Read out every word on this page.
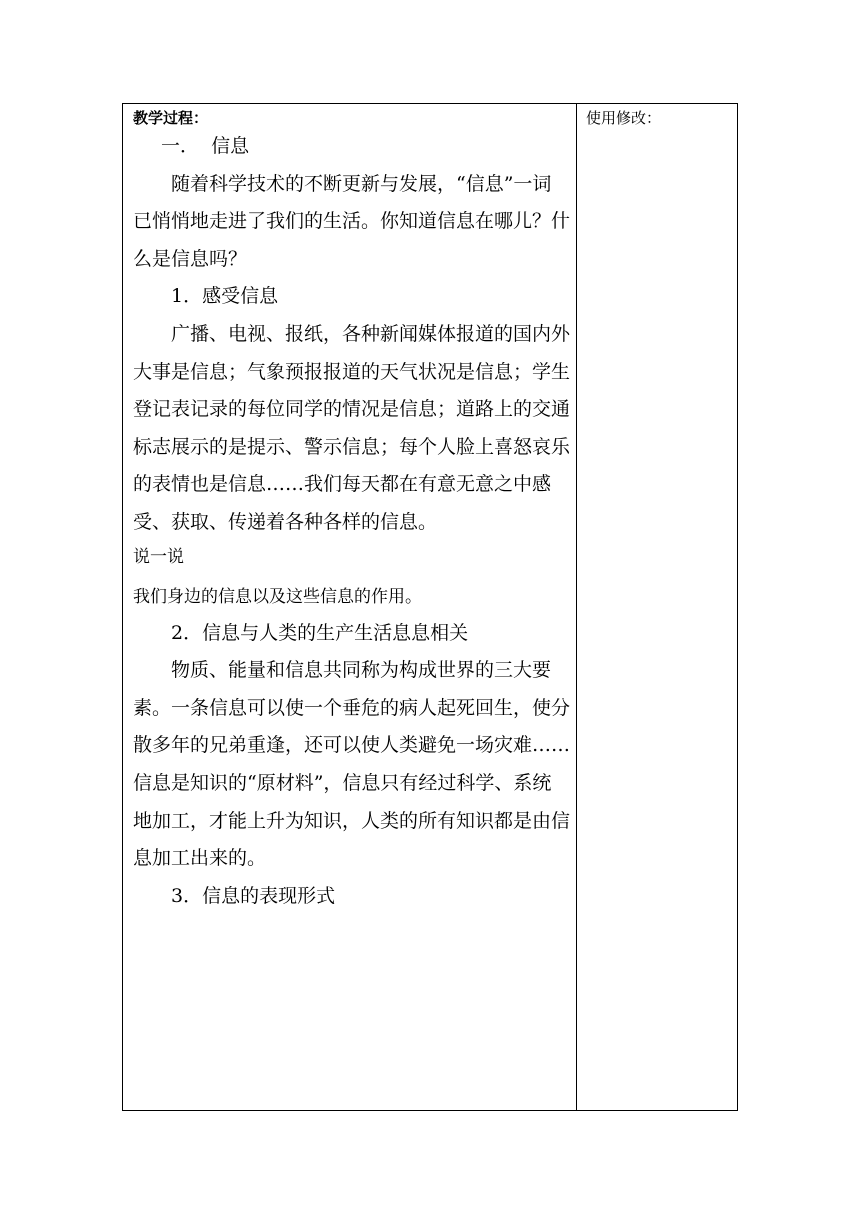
教学过程：

一．  信息

随着科学技术的不断更新与发展，“信息”一词已悄悄地走进了我们的生活。你知道信息在哪儿？什么是信息吗？

1．感受信息

广播、电视、报纸，各种新闻媒体报道的国内外大事是信息；气象预报报道的天气状况是信息；学生登记表记录的每位同学的情况是信息；道路上的交通标志展示的是提示、警示信息；每个人脸上喜怒哀乐的表情也是信息……我们每天都在有意无意之中感受、获取、传递着各种各样的信息。

说一说

我们身边的信息以及这些信息的作用。

2．信息与人类的生产生活息息相关

物质、能量和信息共同称为构成世界的三大要素。一条信息可以使一个垂危的病人起死回生，使分散多年的兄弟重逢，还可以使人类避免一场灾难……信息是知识的“原材料”，信息只有经过科学、系统地加工，才能上升为知识，人类的所有知识都是由信息加工出来的。

3．信息的表现形式

使用修改：
